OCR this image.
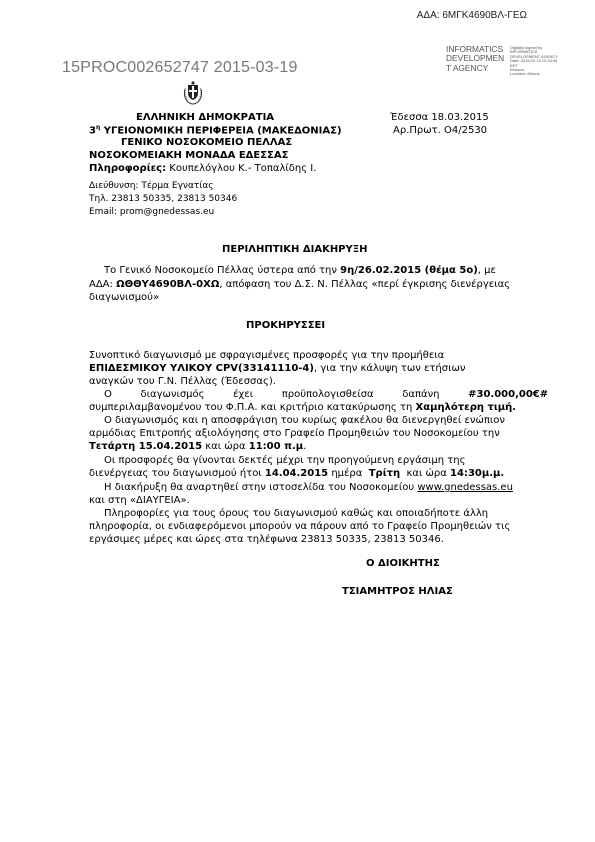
ΑΔΑ: 6ΜΓΚ4690ΒΛ-ΓΕΩ
15PROC002652747 2015-03-19
INFORMATICS
DEVELOPMEN
T AGENCY
Digitally signed by
INFORMATICS
DEVELOPMENT AGENCY
Date: 2015.03.19 12:34:36
EET
Reason:
Location: Athens
ΕΛΛΗΝΙΚΗ ΔΗΜΟΚΡΑΤΙΑ
$3^\eta$ ΥΓΕΙΟΝΟΜΙΚΗ ΠΕΡΙΦΕΡΕΙΑ (ΜΑΚΕΔΟΝΙΑΣ)
ΓΕΝΙΚΟ ΝΟΣΟΚΟΜΕΙΟ ΠΕΛΛΑΣ
ΝΟΣΟΚΟΜΕΙΑΚΗ ΜΟΝΑΔΑ ΕΔΕΣΣΑΣ
Πληροφορίες: Κουπελόγλου Κ.- Τοπαλίδης Ι.
Διεύθυνση: Τέρμα Εγνατίας
Τηλ. 23813 50335, 23813 50346
Email: prom@gnedessas.eu
Έδεσσα 18.03.2015
Αρ.Πρωτ. Ο4/2530
ΠΕΡΙΛΗΠΤΙΚΗ ΔΙΑΚΗΡΥΞΗ
Το Γενικό Νοσοκομείο Πέλλας ύστερα από την 9η/26.02.2015 (θέμα 5ο), με
ΑΔΑ: ΩΘΘΥ4690ΒΛ-0ΧΩ, απόφαση του Δ.Σ. Ν. Πέλλας «περί έγκρισης διενέργειας
διαγωνισμού»
ΠΡΟΚΗΡΥΣΣΕΙ
Συνοπτικό διαγωνισμό με σφραγισμένες προσφορές για την προμήθεια
ΕΠΙΔΕΣΜΙΚΟΥ ΥΛΙΚΟΥ CPV(33141110-4), για την κάλυψη των ετήσιων
αναγκών του Γ.Ν. Πέλλας (Έδεσσας).
Ο         διαγωνισμός         έχει         προϋπολογισθείσα         δαπάνη         #30.000,00€#
συμπεριλαμβανομένου του Φ.Π.Α. και κριτήριο κατακύρωσης τη Χαμηλότερη τιμή.
Ο διαγωνισμός και η αποσφράγιση του κυρίως φακέλου θα διενεργηθεί ενώπιον
αρμόδιας Επιτροπής αξιολόγησης στο Γραφείο Προμηθειών του Νοσοκομείου την
Τετάρτη 15.04.2015 και ώρα 11:00 π.μ.
Οι προσφορές θα γίνονται δεκτές μέχρι την προηγούμενη εργάσιμη της
διενέργειας του διαγωνισμού ήτοι 14.04.2015 ημέρα  Τρίτη  και ώρα 14:30μ.μ.
Η διακήρυξη θα αναρτηθεί στην ιστοσελίδα του Νοσοκομείου www.gnedessas.eu
και στη «ΔΙΑΥΓΕΙΑ».
Πληροφορίες για τους όρους του διαγωνισμού καθώς και οποιαδήποτε άλλη
πληροφορία, οι ενδιαφερόμενοι μπορούν να πάρουν από το Γραφείο Προμηθειών τις
εργάσιμες μέρες και ώρες στα τηλέφωνα 23813 50335, 23813 50346.
Ο ΔΙΟΙΚΗΤΗΣ
ΤΣΙΑΜΗΤΡΟΣ ΗΛΙΑΣ
